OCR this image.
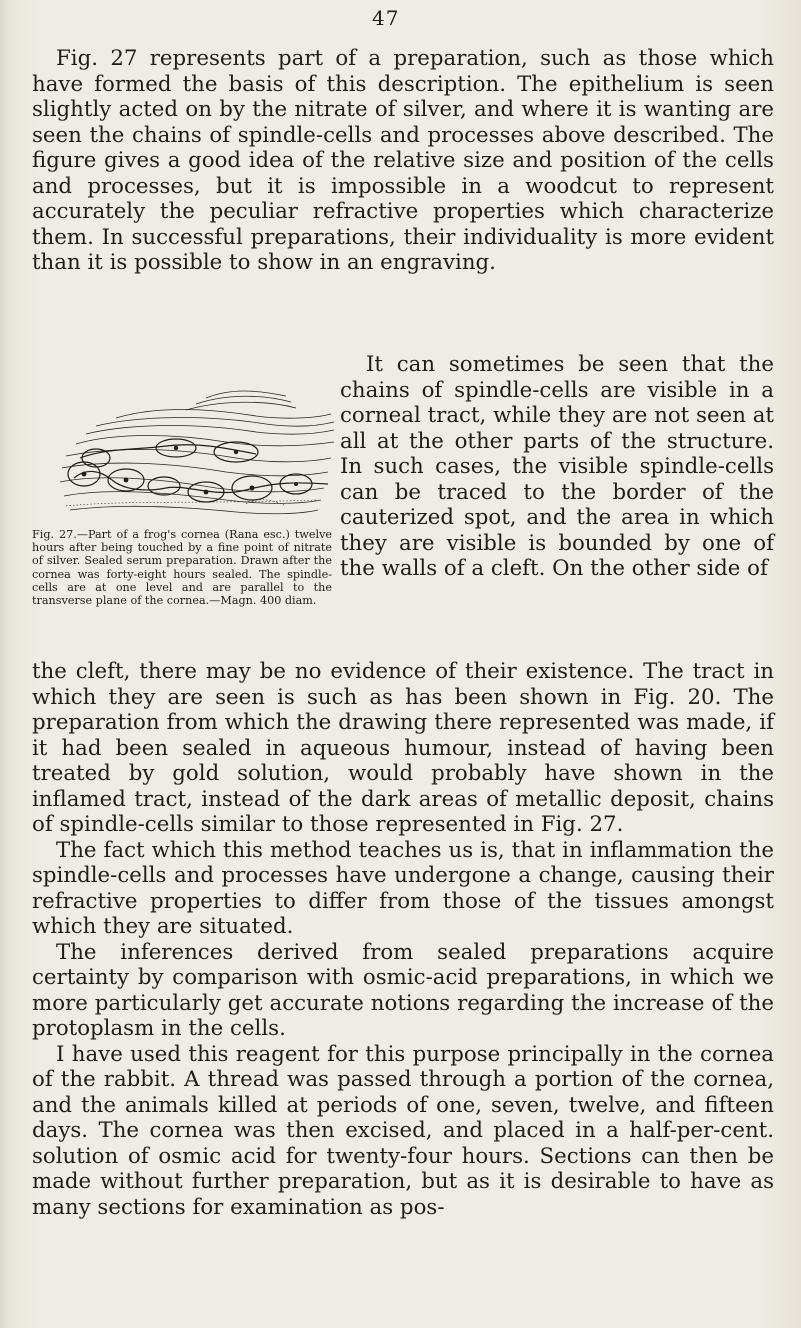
47

Fig. 27 represents part of a preparation, such as those which have formed the basis of this description. The epithelium is seen slightly acted on by the nitrate of silver, and where it is wanting are seen the chains of spindle-cells and processes above described. The figure gives a good idea of the relative size and position of the cells and processes, but it is impossible in a woodcut to represent accurately the peculiar refractive properties which characterize them. In successful preparations, their individuality is more evident than it is possible to show in an engraving.

It can sometimes be seen that the chains of spindle-cells are visible in a corneal tract, while they are not seen at all at the other parts of the structure. In such cases, the visible spindle-cells can be traced to the border of the cauterized spot, and the area in which they are visible is bounded by one of the walls of a cleft. On the other side of

Fig. 27.—Part of a frog's cornea (Rana esc.) twelve hours after being touched by a fine point of nitrate of silver. Sealed serum preparation. Drawn after the cornea was forty-eight hours sealed. The spindle-cells are at one level and are parallel to the transverse plane of the cornea.—Magn. 400 diam.

the cleft, there may be no evidence of their existence. The tract in which they are seen is such as has been shown in Fig. 20. The preparation from which the drawing there represented was made, if it had been sealed in aqueous humour, instead of having been treated by gold solution, would probably have shown in the inflamed tract, instead of the dark areas of metallic deposit, chains of spindle-cells similar to those represented in Fig. 27.

The fact which this method teaches us is, that in inflammation the spindle-cells and processes have undergone a change, causing their refractive properties to differ from those of the tissues amongst which they are situated.

The inferences derived from sealed preparations acquire certainty by comparison with osmic-acid preparations, in which we more particularly get accurate notions regarding the increase of the protoplasm in the cells.

I have used this reagent for this purpose principally in the cornea of the rabbit. A thread was passed through a portion of the cornea, and the animals killed at periods of one, seven, twelve, and fifteen days. The cornea was then excised, and placed in a half-per-cent. solution of osmic acid for twenty-four hours. Sections can then be made without further preparation, but as it is desirable to have as many sections for examination as pos-
